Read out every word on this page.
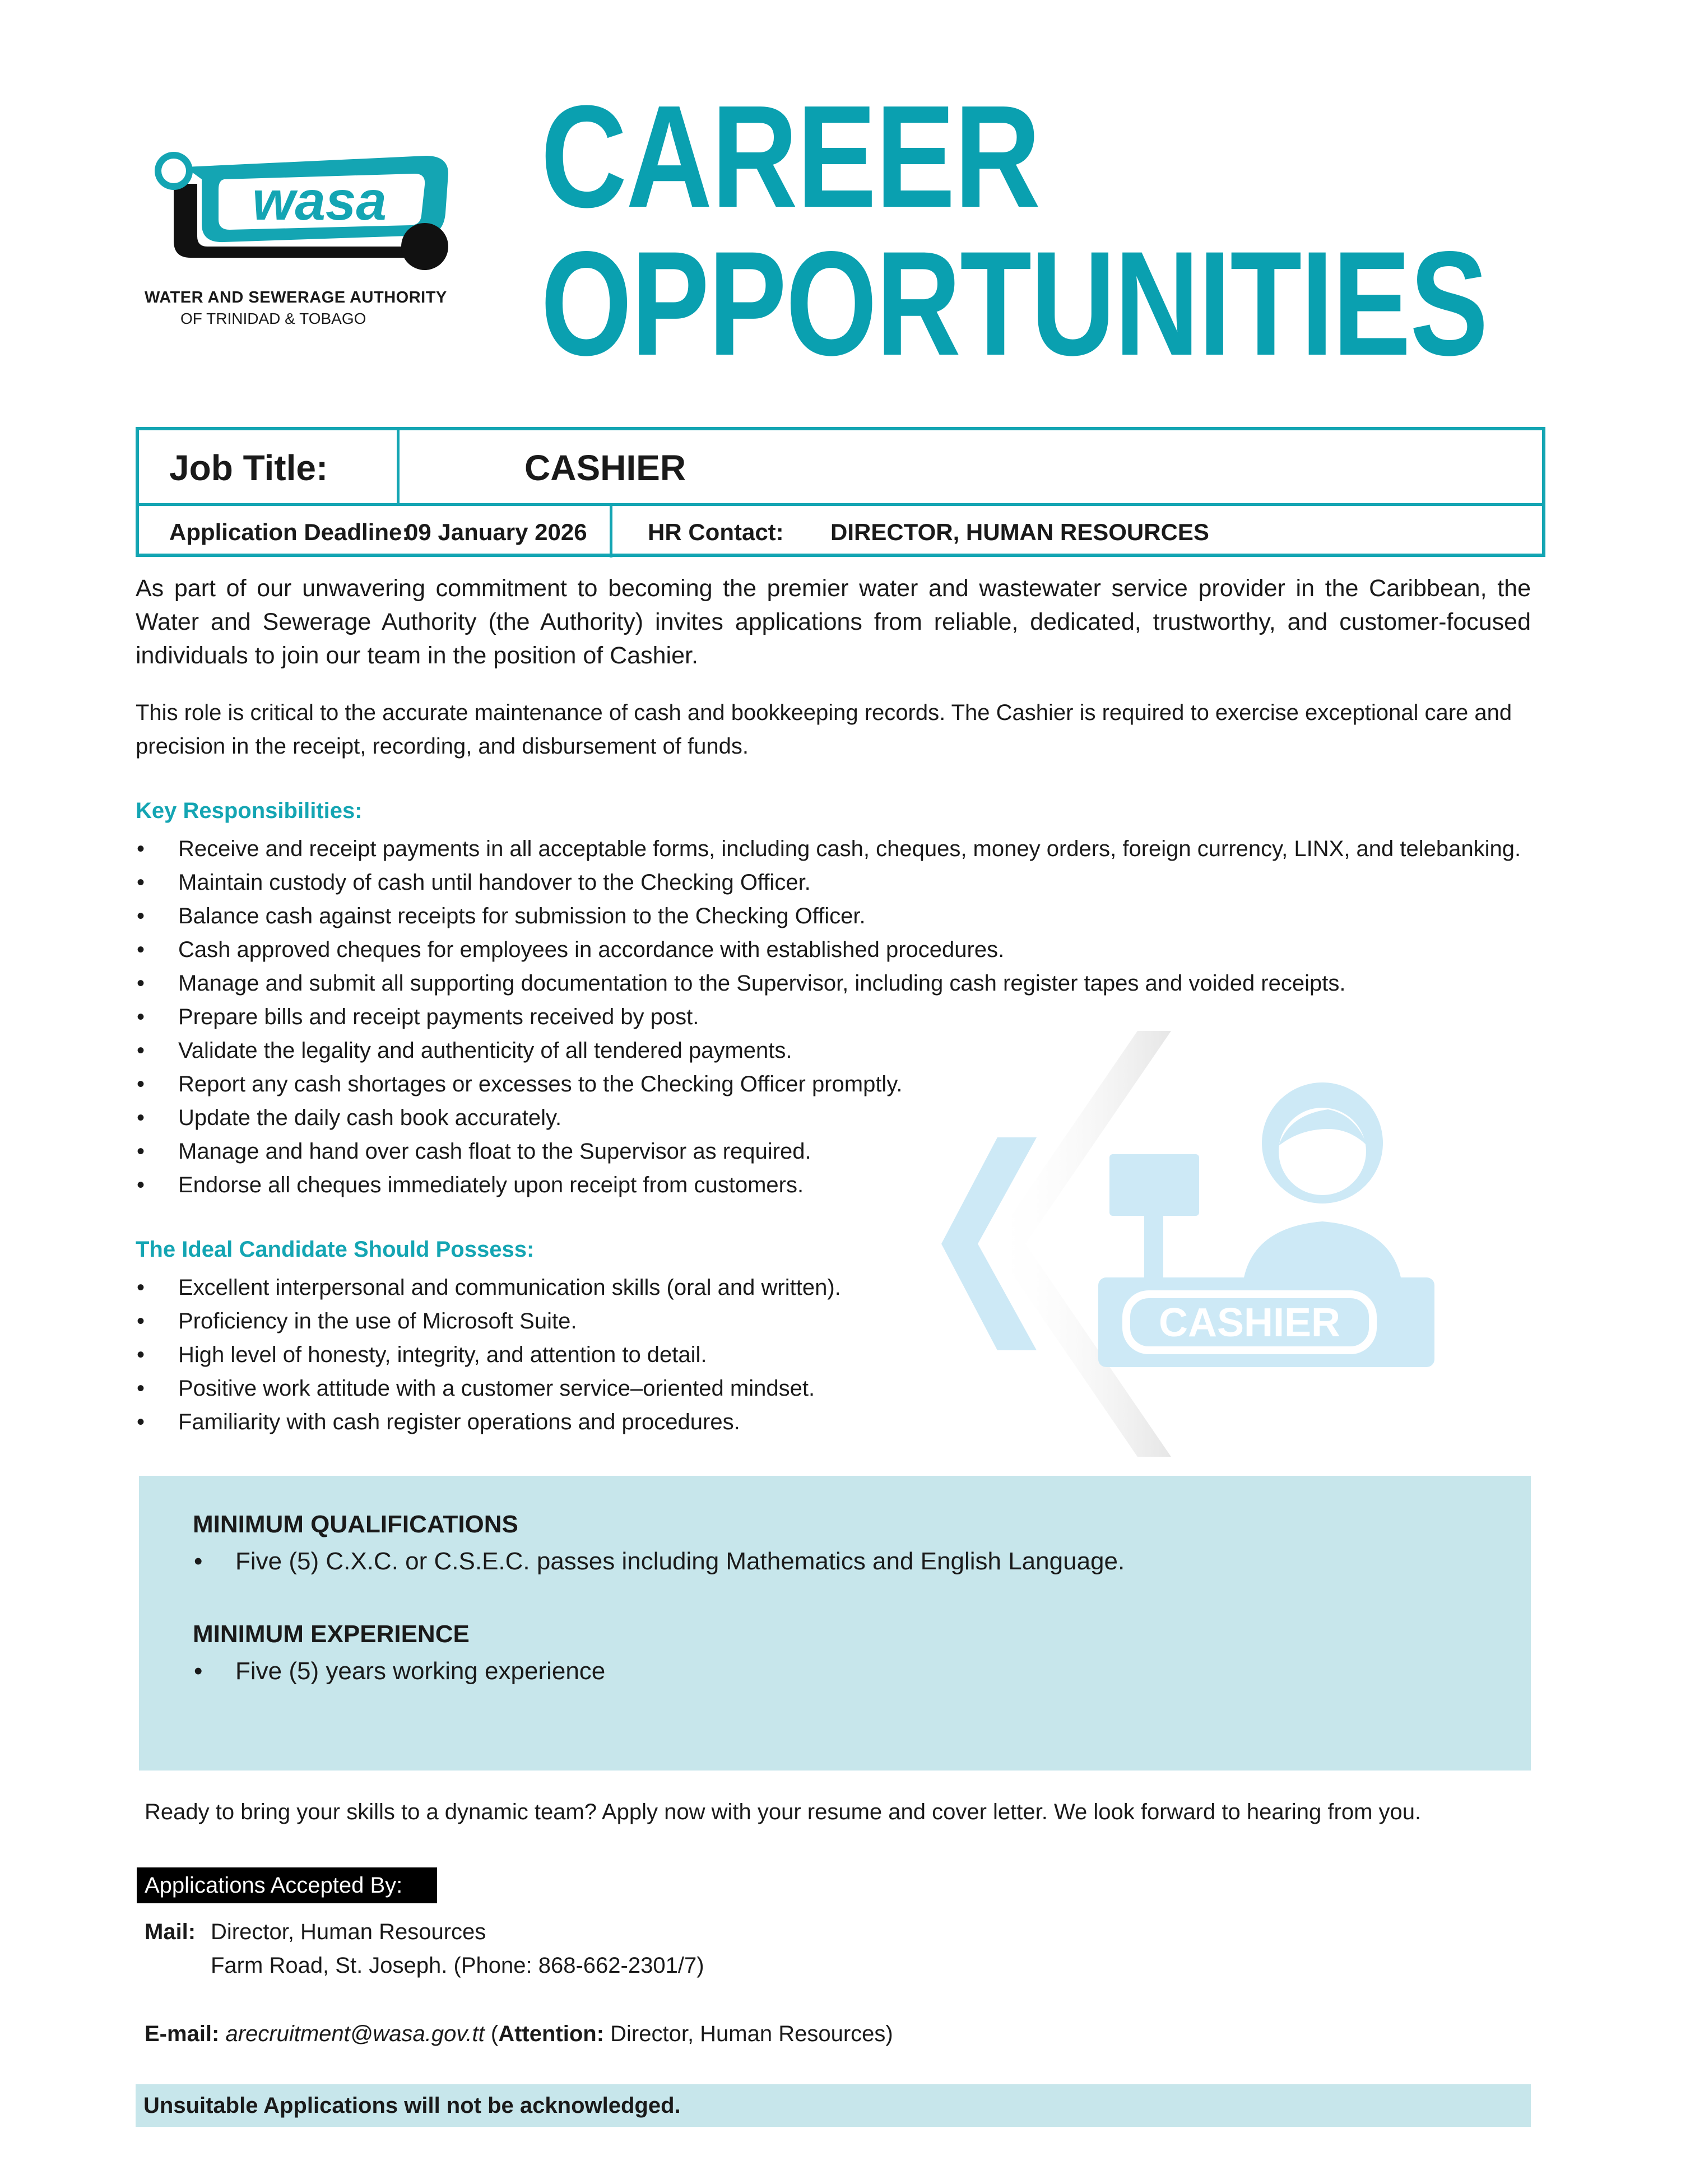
wasa
WATER AND SEWERAGE AUTHORITY
OF TRINIDAD & TOBAGO
CAREER
OPPORTUNITIES
Job Title:	CASHIER
Application Deadline:
09 January 2026	HR Contact: DIRECTOR, HUMAN RESOURCES

As part of our unwavering commitment to becoming the premier water and wastewater service provider in the Caribbean, the Water and Sewerage Authority (the Authority) invites applications from reliable, dedicated, trustworthy, and customer-focused individuals to join our team in the position of Cashier.

This role is critical to the accurate maintenance of cash and bookkeeping records. The Cashier is required to exercise exceptional care and precision in the receipt, recording, and disbursement of funds.

CASHIER
Key Responsibilities:
• Receive and receipt payments in all acceptable forms, including cash, cheques, money orders, foreign currency, LINX, and telebanking.
• Maintain custody of cash until handover to the Checking Officer.
• Balance cash against receipts for submission to the Checking Officer.
• Cash approved cheques for employees in accordance with established procedures.
• Manage and submit all supporting documentation to the Supervisor, including cash register tapes and voided receipts.
• Prepare bills and receipt payments received by post.
• Validate the legality and authenticity of all tendered payments.
• Report any cash shortages or excesses to the Checking Officer promptly.
• Update the daily cash book accurately.
• Manage and hand over cash float to the Supervisor as required.
• Endorse all cheques immediately upon receipt from customers.
The Ideal Candidate Should Possess:
• Excellent interpersonal and communication skills (oral and written).
• Proficiency in the use of Microsoft Suite.
• High level of honesty, integrity, and attention to detail.
• Positive work attitude with a customer service–oriented mindset.
• Familiarity with cash register operations and procedures.
MINIMUM QUALIFICATIONS
• Five (5) C.X.C. or C.S.E.C. passes including Mathematics and English Language.
MINIMUM EXPERIENCE
• Five (5) years working experience
Ready to bring your skills to a dynamic team? Apply now with your resume and cover letter. We look forward to hearing from you.
Applications Accepted By:
Mail: Director, Human Resources
Farm Road, St. Joseph. (Phone: 868-662-2301/7)
E-mail: arecruitment@wasa.gov.tt (Attention: Director, Human Resources)
Unsuitable Applications will not be acknowledged.
